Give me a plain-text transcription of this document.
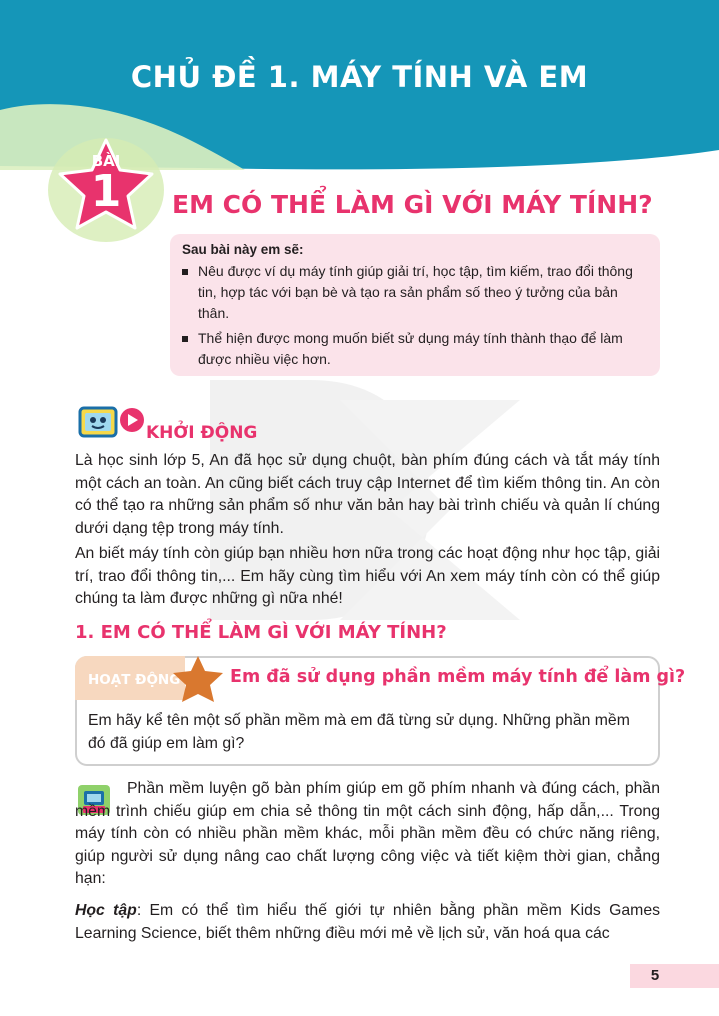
CHỦ ĐỀ 1. MÁY TÍNH VÀ EM
BÀI
1	EM CÓ THỂ LÀM GÌ VỚI MÁY TÍNH?
Sau bài này em sẽ:
Nêu được ví dụ máy tính giúp giải trí, học tập, tìm kiếm, trao đổi thông tin, hợp tác với bạn bè và tạo ra sản phẩm số theo ý tưởng của bản thân.
Thể hiện được mong muốn biết sử dụng máy tính thành thạo để làm được nhiều việc hơn.
KHỞI ĐỘNG
Là học sinh lớp 5, An đã học sử dụng chuột, bàn phím đúng cách và tắt máy tính một cách an toàn. An cũng biết cách truy cập Internet để tìm kiếm thông tin. An còn có thể tạo ra những sản phẩm số như văn bản hay bài trình chiếu và quản lí chúng dưới dạng tệp trong máy tính.
An biết máy tính còn giúp bạn nhiều hơn nữa trong các hoạt động như học tập, giải trí, trao đổi thông tin,... Em hãy cùng tìm hiểu với An xem máy tính còn có thể giúp chúng ta làm được những gì nữa nhé!
1. EM CÓ THỂ LÀM GÌ VỚI MÁY TÍNH?
HOẠT ĐỘNG	Em đã sử dụng phần mềm máy tính để làm gì?
Em hãy kể tên một số phần mềm mà em đã từng sử dụng. Những phần mềm đó đã giúp em làm gì?
Phần mềm luyện gõ bàn phím giúp em gõ phím nhanh và đúng cách, phần mềm trình chiếu giúp em chia sẻ thông tin một cách sinh động, hấp dẫn,... Trong máy tính còn có nhiều phần mềm khác, mỗi phần mềm đều có chức năng riêng, giúp người sử dụng nâng cao chất lượng công việc và tiết kiệm thời gian, chẳng hạn:
Học tập: Em có thể tìm hiểu thế giới tự nhiên bằng phần mềm Kids Games Learning Science, biết thêm những điều mới mẻ về lịch sử, văn hoá qua các
5
